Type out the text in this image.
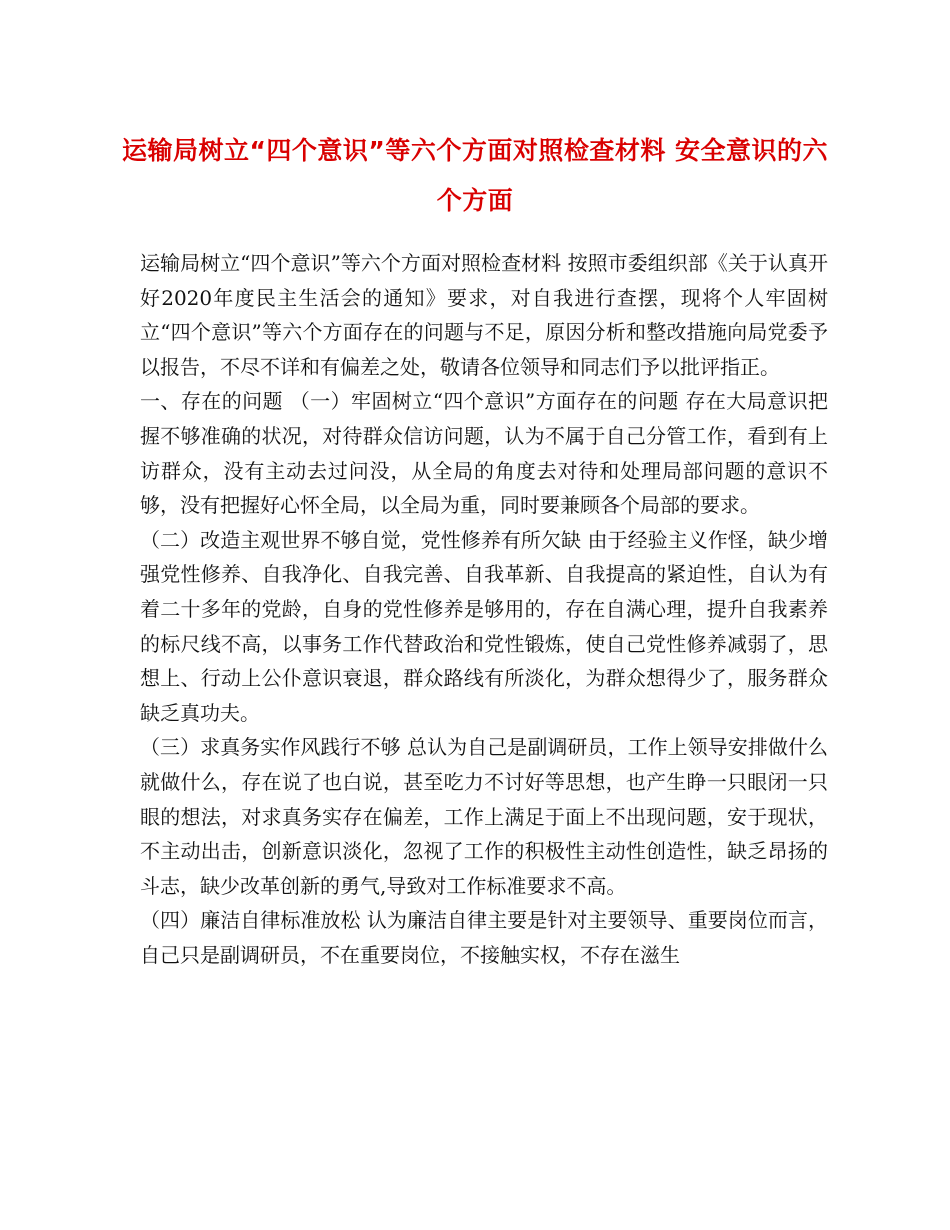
运输局树立“四个意识”等六个方面对照检查材料 安全意识的六个方面

运输局树立“四个意识”等六个方面对照检查材料 按照市委组织部《关于认真开好2020年度民主生活会的通知》要求，对自我进行查摆，现将个人牢固树立“四个意识”等六个方面存在的问题与不足，原因分析和整改措施向局党委予以报告，不尽不详和有偏差之处，敬请各位领导和同志们予以批评指正。

一、存在的问题 （一）牢固树立“四个意识”方面存在的问题 存在大局意识把握不够准确的状况，对待群众信访问题，认为不属于自己分管工作，看到有上访群众，没有主动去过问没，从全局的角度去对待和处理局部问题的意识不够，没有把握好心怀全局，以全局为重，同时要兼顾各个局部的要求。

（二）改造主观世界不够自觉，党性修养有所欠缺 由于经验主义作怪，缺少增强党性修养、自我净化、自我完善、自我革新、自我提高的紧迫性，自认为有着二十多年的党龄，自身的党性修养是够用的，存在自满心理，提升自我素养的标尺线不高，以事务工作代替政治和党性锻炼，使自己党性修养减弱了，思想上、行动上公仆意识衰退，群众路线有所淡化，为群众想得少了，服务群众缺乏真功夫。

（三）求真务实作风践行不够 总认为自己是副调研员，工作上领导安排做什么就做什么，存在说了也白说，甚至吃力不讨好等思想，也产生睁一只眼闭一只眼的想法，对求真务实存在偏差，工作上满足于面上不出现问题，安于现状，不主动出击，创新意识淡化，忽视了工作的积极性主动性创造性，缺乏昂扬的斗志，缺少改革创新的勇气,导致对工作标准要求不高。

（四）廉洁自律标准放松 认为廉洁自律主要是针对主要领导、重要岗位而言，自己只是副调研员，不在重要岗位，不接触实权，不存在滋生
